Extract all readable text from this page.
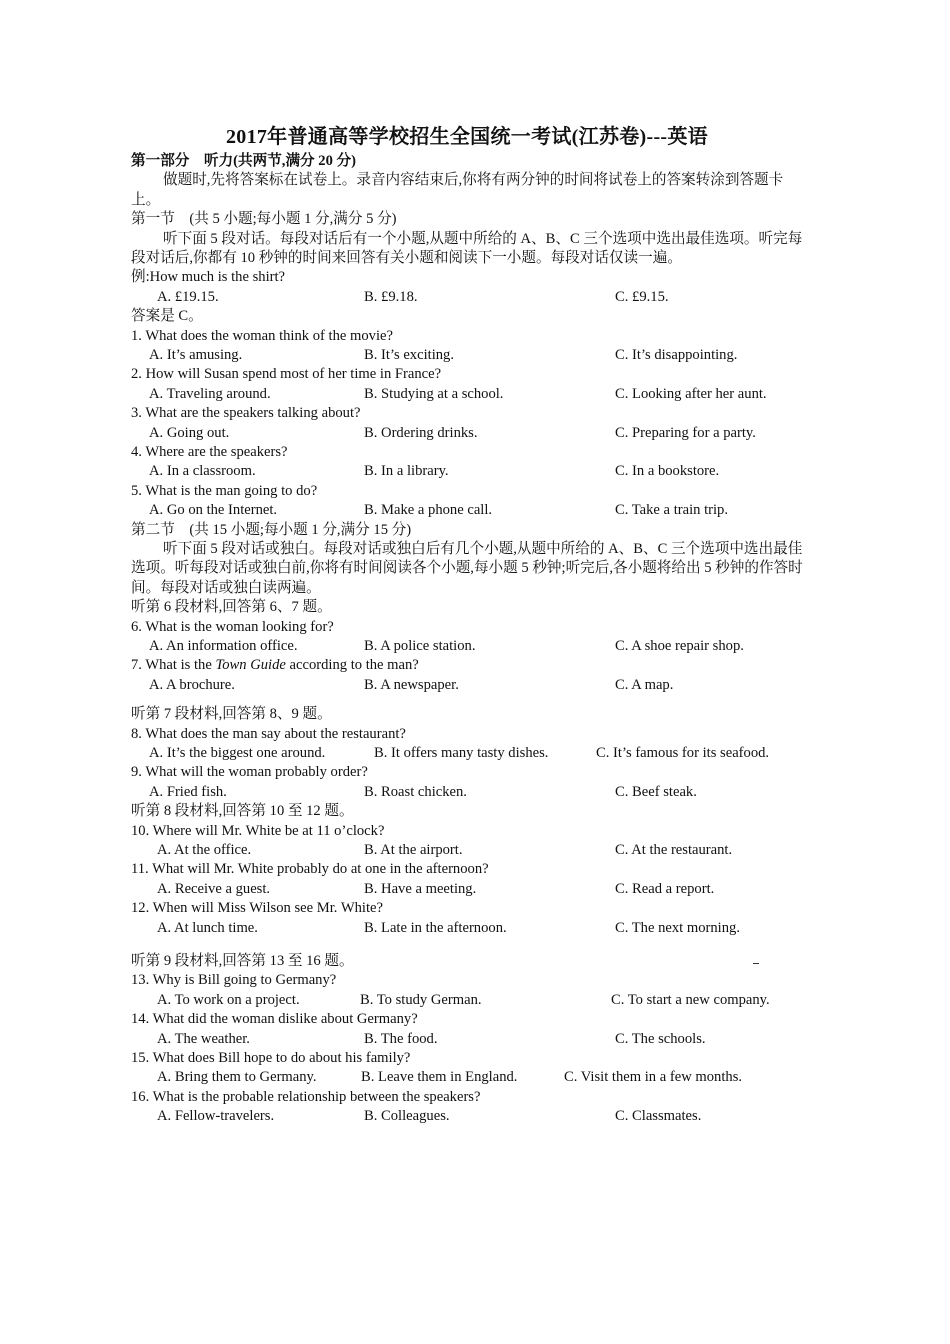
2017年普通高等学校招生全国统一考试(江苏卷)---英语
第一部分　听力(共两节,满分 20 分)
做题时,先将答案标在试卷上。录音内容结束后,你将有两分钟的时间将试卷上的答案转涂到答题卡上。
第一节　(共 5 小题;每小题 1 分,满分 5 分)
听下面 5 段对话。每段对话后有一个小题,从题中所给的 A、B、C 三个选项中选出最佳选项。听完每段对话后,你都有 10 秒钟的时间来回答有关小题和阅读下一小题。每段对话仅读一遍。
例:How much is the shirt?
A. £19.15.	B. £9.18.	C. £9.15.
答案是 C。
1. What does the woman think of the movie?
A. It’s amusing.	B. It’s exciting.	C. It’s disappointing.
2. How will Susan spend most of her time in France?
A. Traveling around.	B. Studying at a school.	C. Looking after her aunt.
3. What are the speakers talking about?
A. Going out.	B. Ordering drinks.	C. Preparing for a party.
4. Where are the speakers?
A. In a classroom.	B. In a library.	C. In a bookstore.
5. What is the man going to do?
A. Go on the Internet.	B. Make a phone call.	C. Take a train trip.
第二节　(共 15 小题;每小题 1 分,满分 15 分)
听下面 5 段对话或独白。每段对话或独白后有几个小题,从题中所给的 A、B、C 三个选项中选出最佳选项。听每段对话或独白前,你将有时间阅读各个小题,每小题 5 秒钟;听完后,各小题将给出 5 秒钟的作答时间。每段对话或独白读两遍。
听第 6 段材料,回答第 6、7 题。
6. What is the woman looking for?
A. An information office.	B. A police station.	C. A shoe repair shop.
7. What is the Town Guide according to the man?
A. A brochure.	B. A newspaper.	C. A map.
听第 7 段材料,回答第 8、9 题。
8. What does the man say about the restaurant?
A. It’s the biggest one around.	B. It offers many tasty dishes.	C. It’s famous for its seafood.
9. What will the woman probably order?
A. Fried fish.	B. Roast chicken.	C. Beef steak.
听第 8 段材料,回答第 10 至 12 题。
10. Where will Mr. White be at 11 o’clock?
A. At the office.	B. At the airport.	C. At the restaurant.
11. What will Mr. White probably do at one in the afternoon?
A. Receive a guest.	B. Have a meeting.	C. Read a report.
12. When will Miss Wilson see Mr. White?
A. At lunch time.	B. Late in the afternoon.	C. The next morning.
听第 9 段材料,回答第 13 至 16 题。
13. Why is Bill going to Germany?
A. To work on a project.	B. To study German.	C. To start a new company.
14. What did the woman dislike about Germany?
A. The weather.	B. The food.	C. The schools.
15. What does Bill hope to do about his family?
A. Bring them to Germany.	B. Leave them in England.	C. Visit them in a few months.
16. What is the probable relationship between the speakers?
A. Fellow-travelers.	B. Colleagues.	C. Classmates.
